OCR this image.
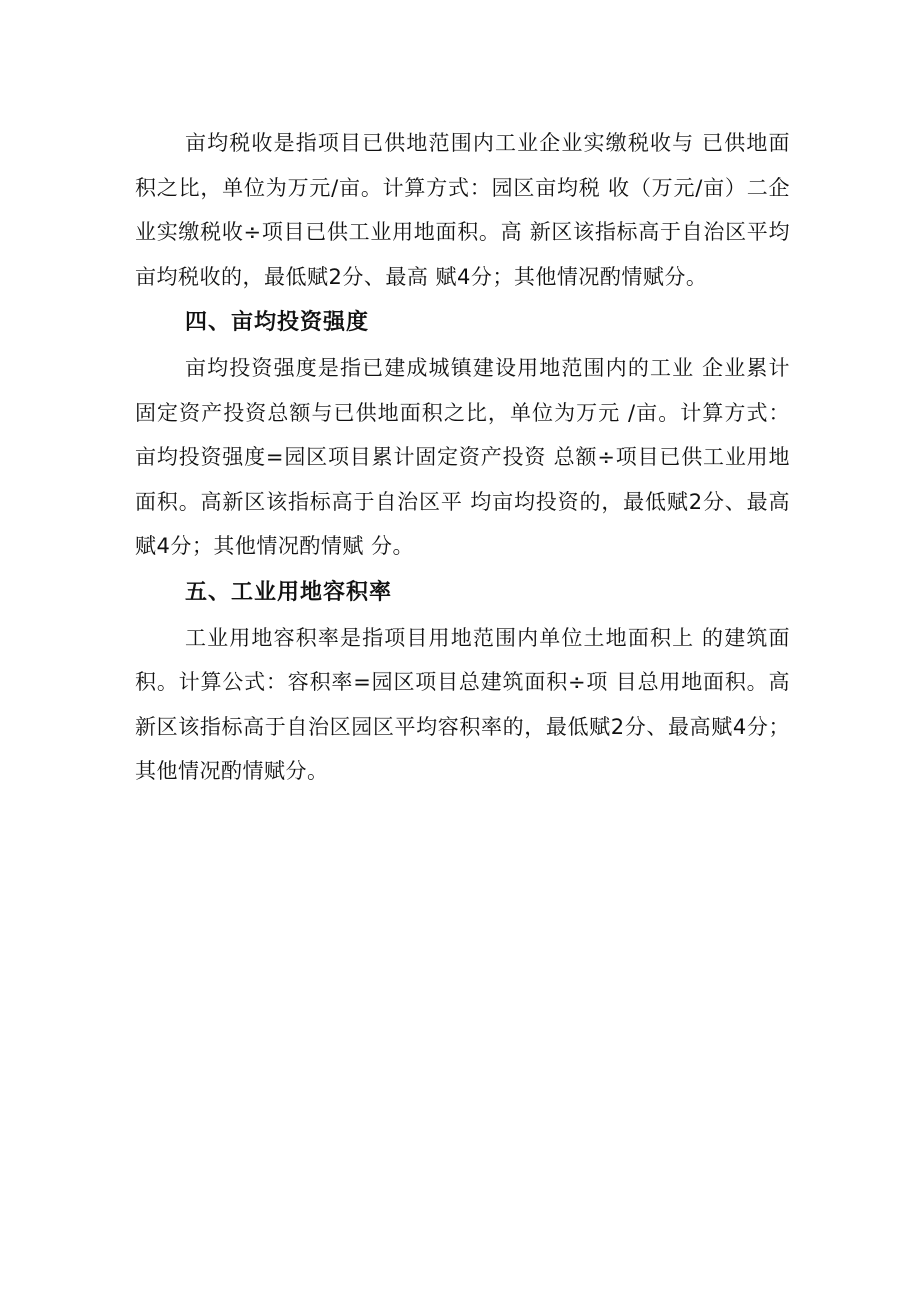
亩均税收是指项目已供地范围内工业企业实缴税收与 已供地面积之比，单位为万元/亩。计算方式：园区亩均税 收（万元/亩）二企业实缴税收÷项目已供工业用地面积。高 新区该指标高于自治区平均亩均税收的，最低赋2分、最高 赋4分；其他情况酌情赋分。

四、亩均投资强度

亩均投资强度是指已建成城镇建设用地范围内的工业 企业累计固定资产投资总额与已供地面积之比，单位为万元 /亩。计算方式：亩均投资强度=园区项目累计固定资产投资 总额÷项目已供工业用地面积。高新区该指标高于自治区平 均亩均投资的，最低赋2分、最高赋4分；其他情况酌情赋 分。

五、工业用地容积率

工业用地容积率是指项目用地范围内单位土地面积上 的建筑面积。计算公式：容积率=园区项目总建筑面积÷项 目总用地面积。高新区该指标高于自治区园区平均容积率的，最低赋2分、最高赋4分；其他情况酌情赋分。
